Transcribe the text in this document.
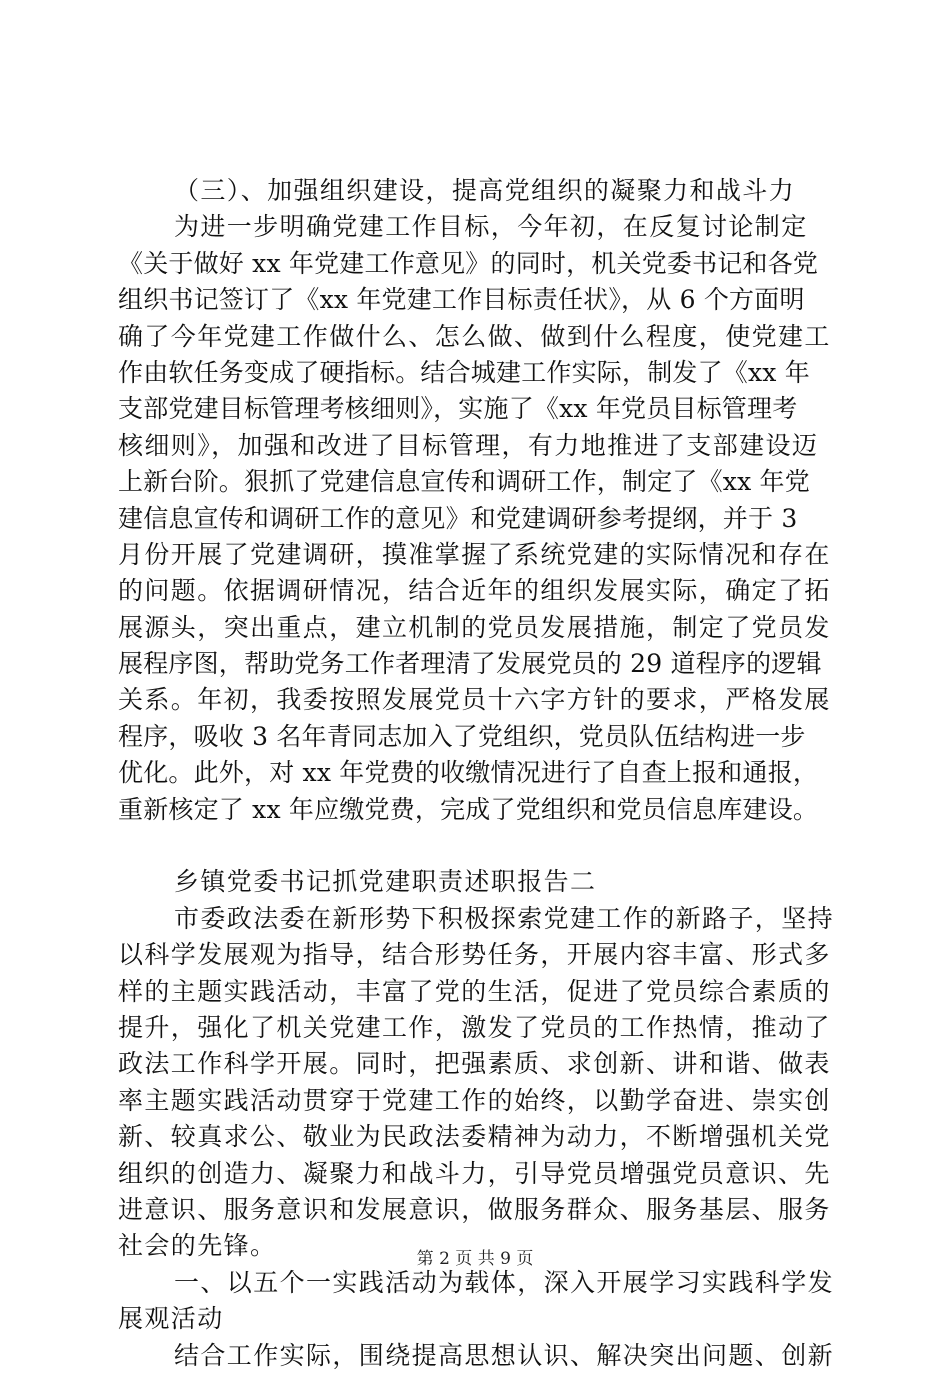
（三）、加强组织建设，提高党组织的凝聚力和战斗力
为进一步明确党建工作目标，今年初，在反复讨论制定
《关于做好 xx 年党建工作意见》的同时，机关党委书记和各党
组织书记签订了《xx 年党建工作目标责任状》，从 6 个方面明
确了今年党建工作做什么、怎么做、做到什么程度，使党建工
作由软任务变成了硬指标。结合城建工作实际，制发了《xx 年
支部党建目标管理考核细则》，实施了《xx 年党员目标管理考
核细则》，加强和改进了目标管理，有力地推进了支部建设迈
上新台阶。狠抓了党建信息宣传和调研工作，制定了《xx 年党
建信息宣传和调研工作的意见》和党建调研参考提纲，并于 3
月份开展了党建调研，摸准掌握了系统党建的实际情况和存在
的问题。依据调研情况，结合近年的组织发展实际，确定了拓
展源头，突出重点，建立机制的党员发展措施，制定了党员发
展程序图，帮助党务工作者理清了发展党员的 29 道程序的逻辑
关系。年初，我委按照发展党员十六字方针的要求，严格发展
程序，吸收 3 名年青同志加入了党组织，党员队伍结构进一步
优化。此外，对 xx 年党费的收缴情况进行了自查上报和通报，
重新核定了 xx 年应缴党费，完成了党组织和党员信息库建设。
乡镇党委书记抓党建职责述职报告二
市委政法委在新形势下积极探索党建工作的新路子，坚持
以科学发展观为指导，结合形势任务，开展内容丰富、形式多
样的主题实践活动，丰富了党的生活，促进了党员综合素质的
提升，强化了机关党建工作，激发了党员的工作热情，推动了
政法工作科学开展。同时，把强素质、求创新、讲和谐、做表
率主题实践活动贯穿于党建工作的始终，以勤学奋进、崇实创
新、较真求公、敬业为民政法委精神为动力，不断增强机关党
组织的创造力、凝聚力和战斗力，引导党员增强党员意识、先
进意识、服务意识和发展意识，做服务群众、服务基层、服务
社会的先锋。
一、以五个一实践活动为载体，深入开展学习实践科学发
展观活动
结合工作实际，围绕提高思想认识、解决突出问题、创新
第 2 页 共 9 页
